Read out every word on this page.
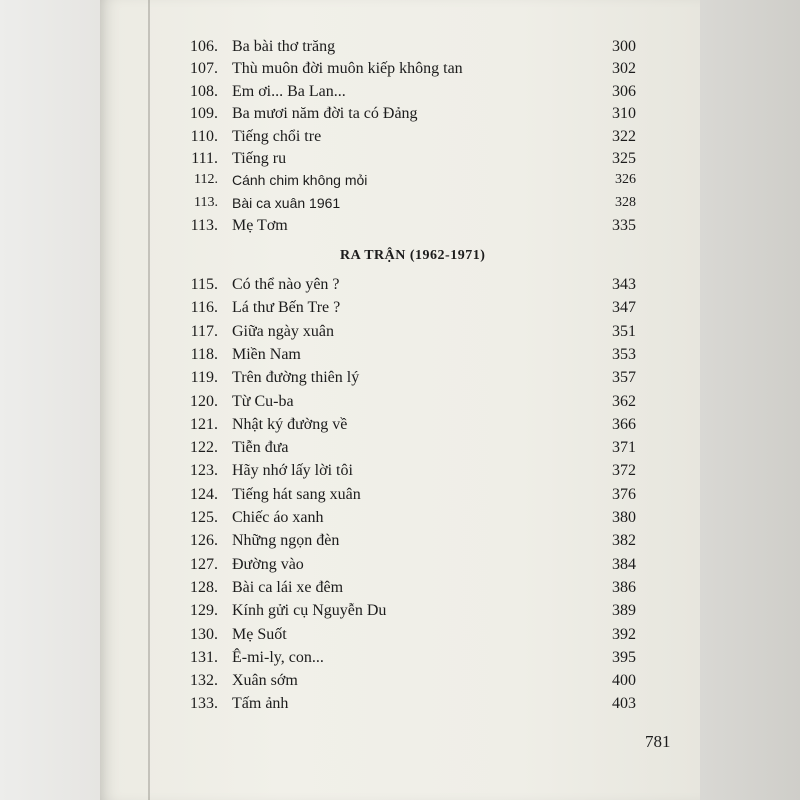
106. Ba bài thơ trăng	300
107. Thù muôn đời muôn kiếp không tan	302
108. Em ơi... Ba Lan...	306
109. Ba mươi năm đời ta có Đảng	310
110. Tiếng chổi tre	322
111. Tiếng ru	325
112. Cánh chim không mỏi	326
113. Bài ca xuân 1961	328
113. Mẹ Tơm	335
RA TRẬN (1962-1971)
115. Có thể nào yên ?	343
116. Lá thư Bến Tre ?	347
117. Giữa ngày xuân	351
118. Miền Nam	353
119. Trên đường thiên lý	357
120. Từ Cu-ba	362
121. Nhật ký đường về	366
122. Tiễn đưa	371
123. Hãy nhớ lấy lời tôi	372
124. Tiếng hát sang xuân	376
125. Chiếc áo xanh	380
126. Những ngọn đèn	382
127. Đường vào	384
128. Bài ca lái xe đêm	386
129. Kính gửi cụ Nguyễn Du	389
130. Mẹ Suốt	392
131. Ê-mi-ly, con...	395
132. Xuân sớm	400
133. Tấm ảnh	403
781
